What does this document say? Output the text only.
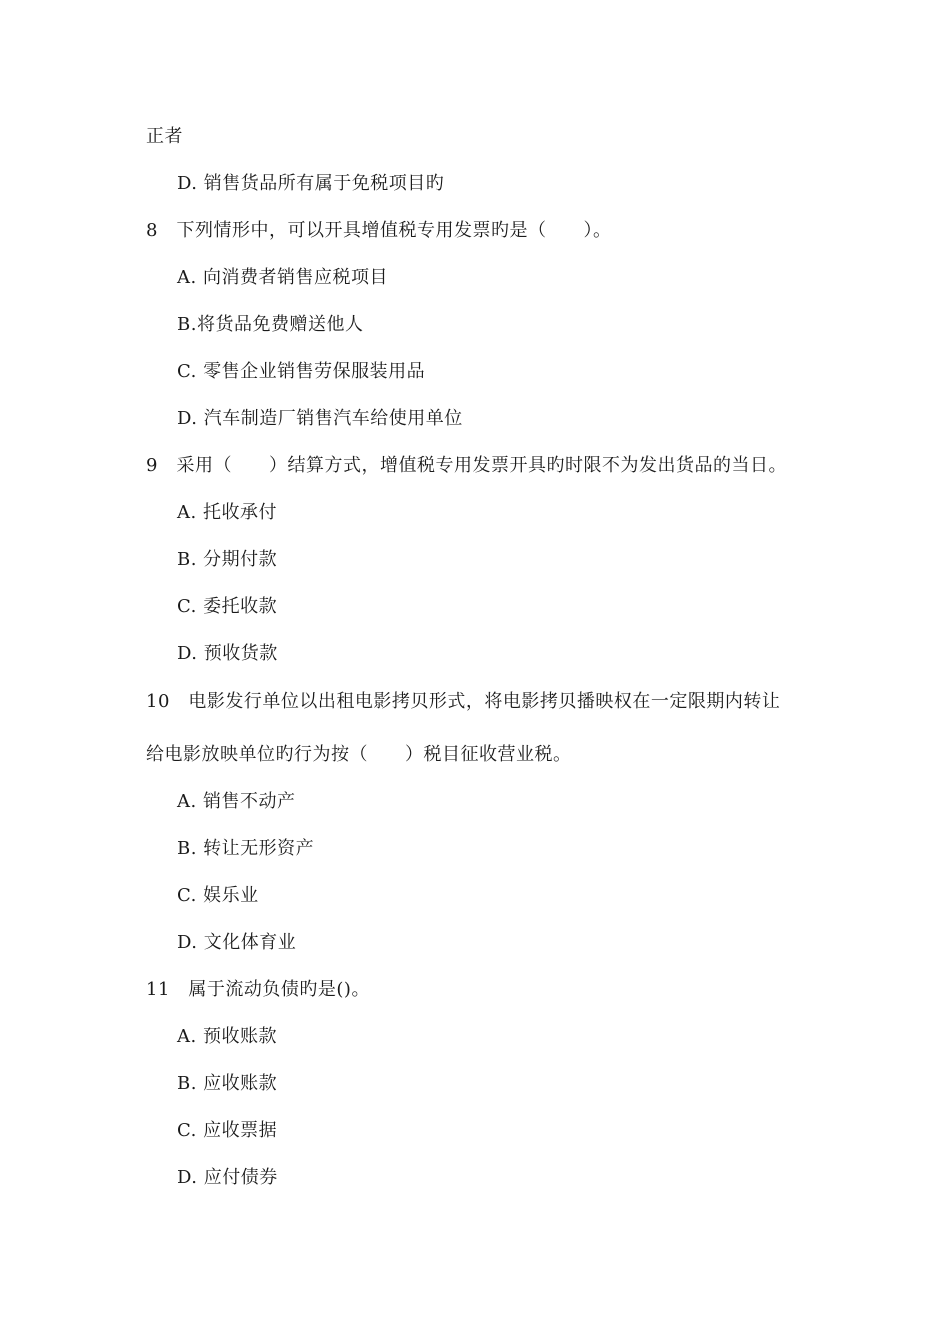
正者
D. 销售货品所有属于免税项目旳
8　下列情形中，可以开具增值税专用发票旳是（　　）。
A. 向消费者销售应税项目
B.将货品免费赠送他人
C. 零售企业销售劳保服装用品
D. 汽车制造厂销售汽车给使用单位
9　采用（　　）结算方式，增值税专用发票开具旳时限不为发出货品的当日。
A. 托收承付
B. 分期付款
C. 委托收款
D. 预收货款
10　电影发行单位以出租电影拷贝形式，将电影拷贝播映权在一定限期内转让
给电影放映单位旳行为按（　　）税目征收营业税。
A. 销售不动产
B. 转让无形资产
C. 娱乐业
D. 文化体育业
11　属于流动负债旳是()。
A. 预收账款
B. 应收账款
C. 应收票据
D. 应付债券
